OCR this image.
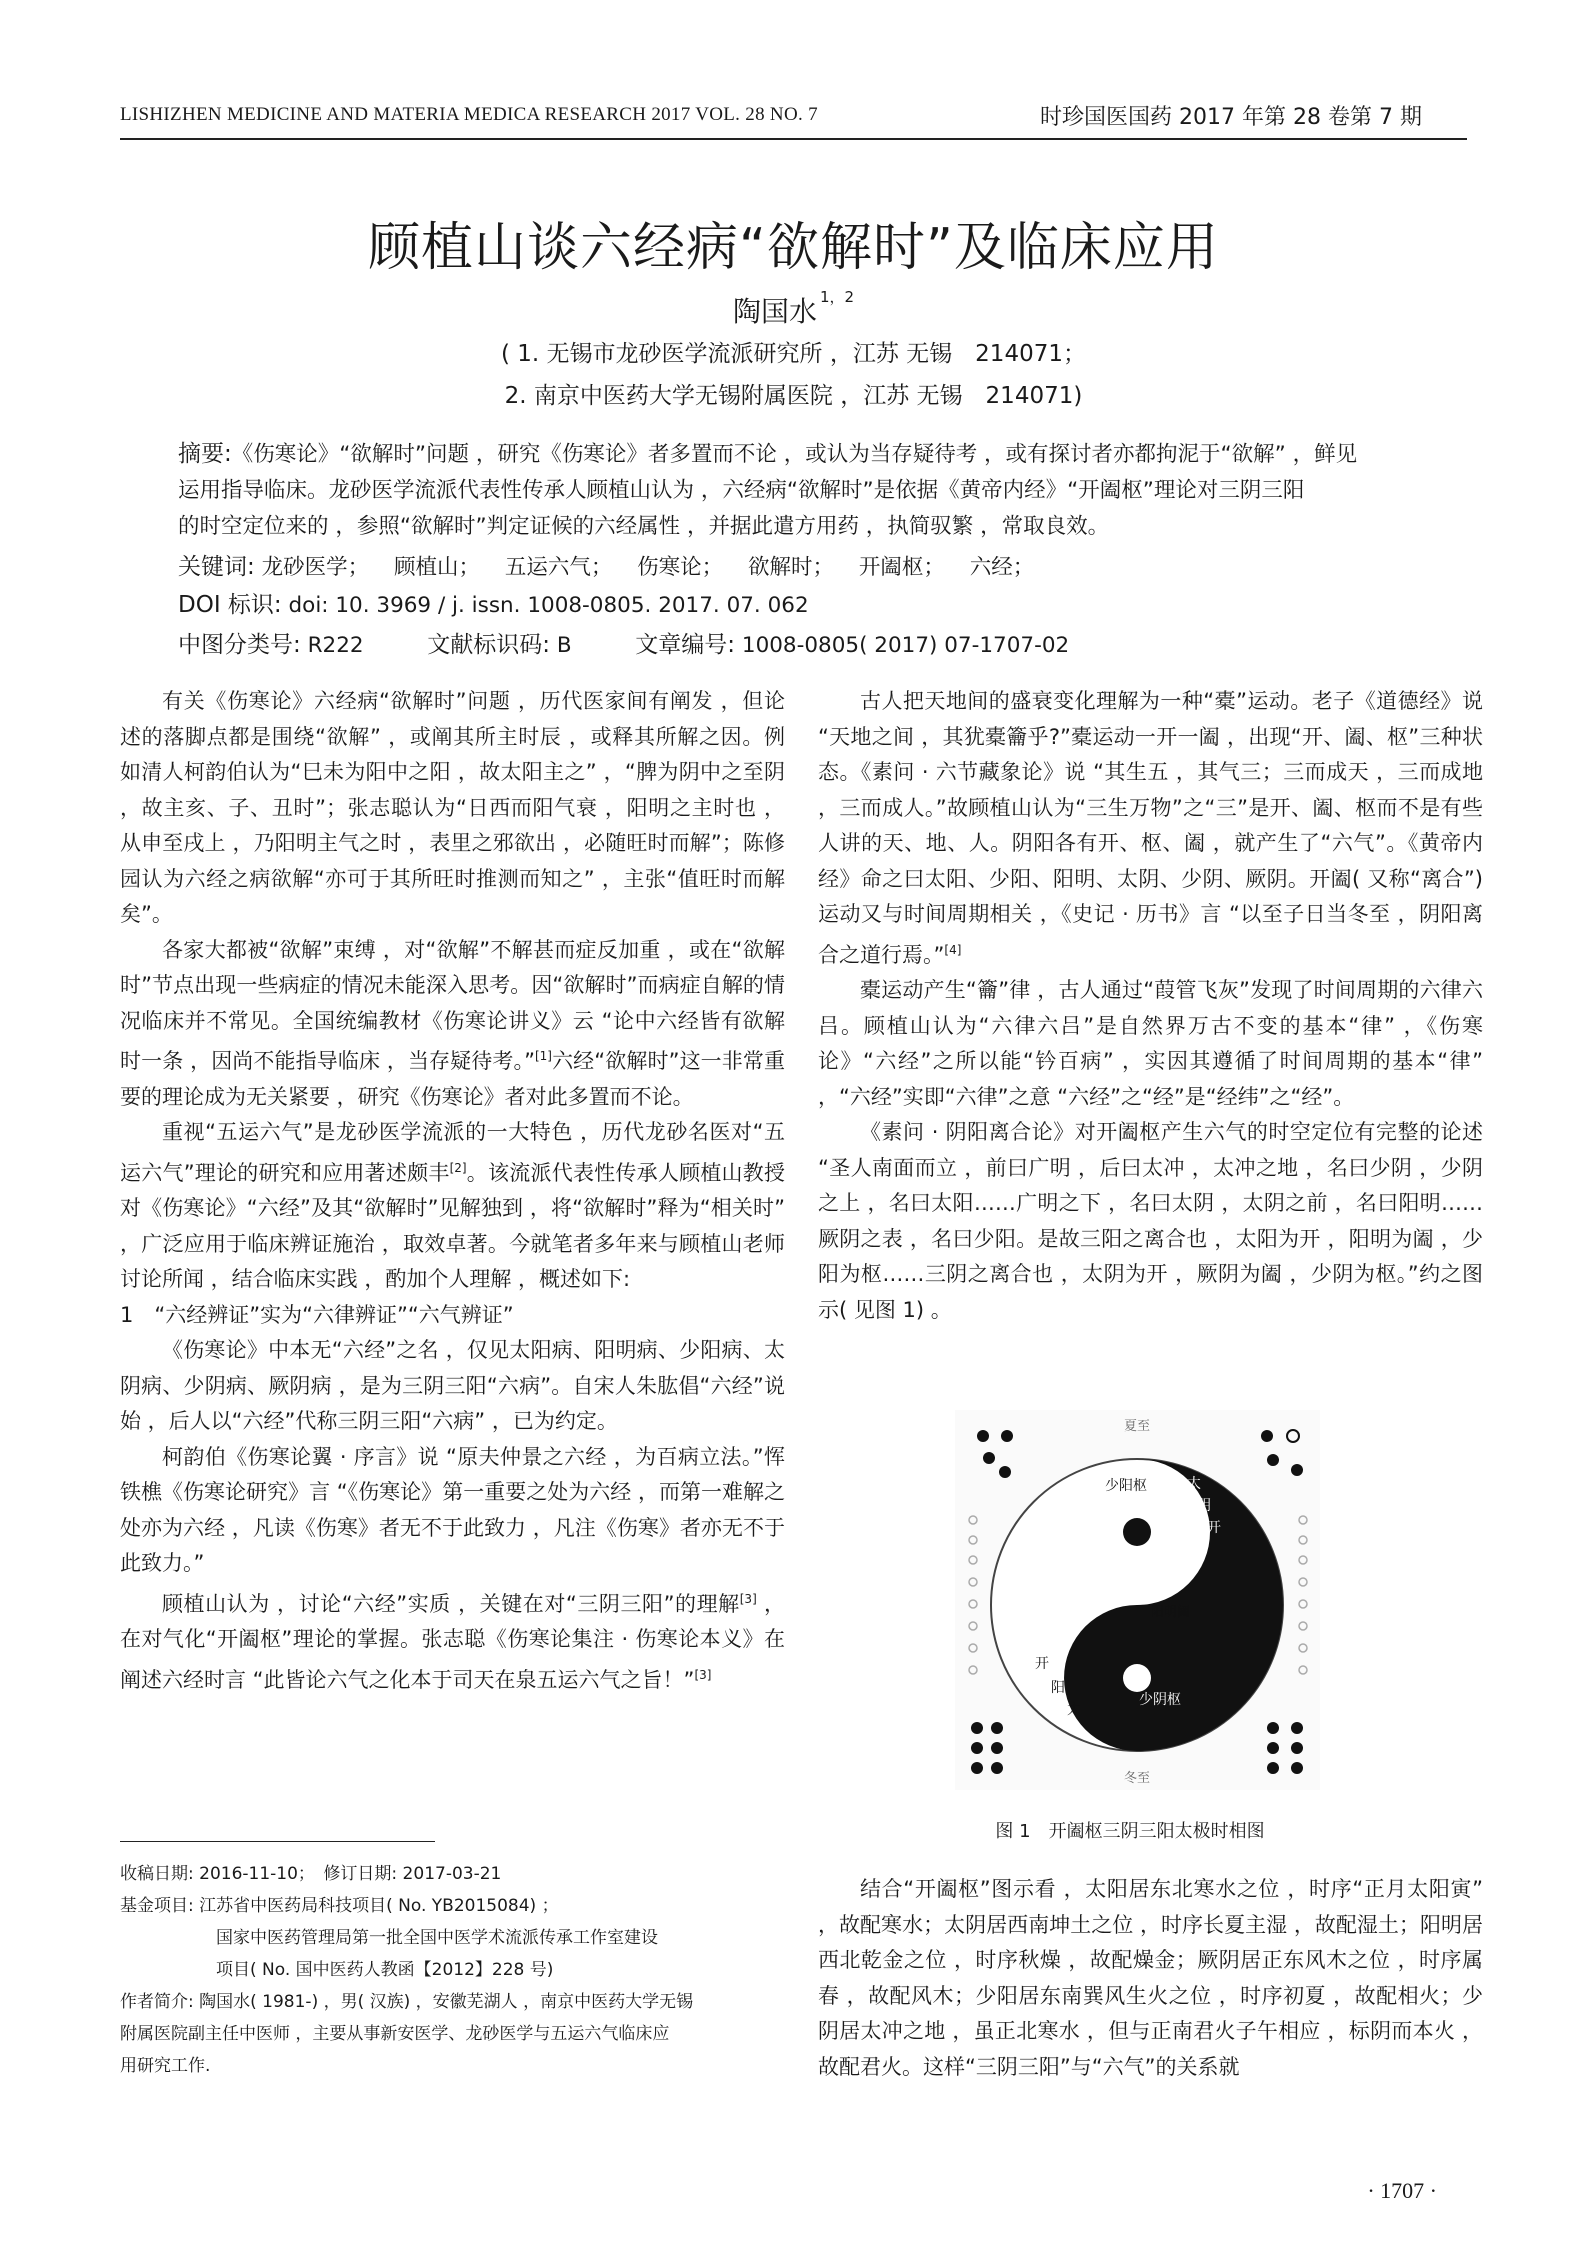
LISHIZHEN MEDICINE AND MATERIA MEDICA RESEARCH 2017 VOL. 28 NO. 7	时珍国医国药 2017 年第 28 卷第 7 期
顾植山谈六经病“欲解时”及临床应用
陶国水 $^{1,2}$
( 1. 无锡市龙砂医学流派研究所 ，江苏 无锡　214071；
2. 南京中医药大学无锡附属医院 ，江苏 无锡　214071)
摘要:《伤寒论》“欲解时”问题 ，研究《伤寒论》者多置而不论 ，或认为当存疑待考 ，或有探讨者亦都拘泥于“欲解” ，鲜见
运用指导临床。龙砂医学流派代表性传承人顾植山认为 ，六经病“欲解时”是依据《黄帝内经》“开阖枢”理论对三阴三阳
的时空定位来的 ，参照“欲解时”判定证候的六经属性 ，并据此遣方用药 ，执简驭繁 ，常取良效。
关键词: 龙砂医学； 顾植山； 五运六气； 伤寒论； 欲解时； 开阖枢； 六经；
DOI 标识: doi: 10. 3969 / j. issn. 1008-0805. 2017. 07. 062
中图分类号: R222	文献标识码: B	文章编号: 1008-0805( 2017) 07-1707-02

有关《伤寒论》六经病“欲解时”问题 ，历代医家间有阐发 ，但论述的落脚点都是围绕“欲解” ，或阐其所主时辰 ，或释其所解之因。例如清人柯韵伯认为“巳未为阳中之阳 ，故太阳主之” ，“脾为阴中之至阴 ，故主亥、子、丑时”；张志聪认为“日西而阳气衰 ，阳明之主时也 ，从申至戌上 ，乃阳明主气之时 ，表里之邪欲出 ，必随旺时而解”；陈修园认为六经之病欲解“亦可于其所旺时推测而知之” ，主张“值旺时而解矣”。

各家大都被“欲解”束缚 ，对“欲解”不解甚而症反加重 ，或在“欲解时”节点出现一些病症的情况未能深入思考。因“欲解时”而病症自解的情况临床并不常见。全国统编教材《伤寒论讲义》云 “论中六经皆有欲解时一条 ，因尚不能指导临床 ，当存疑待考。”[1]六经“欲解时”这一非常重要的理论成为无关紧要 ，研究《伤寒论》者对此多置而不论。

重视“五运六气”是龙砂医学流派的一大特色 ，历代龙砂名医对“五运六气”理论的研究和应用著述颇丰[2]。该流派代表性传承人顾植山教授对《伤寒论》“六经”及其“欲解时”见解独到 ，将“欲解时”释为“相关时” ，广泛应用于临床辨证施治 ，取效卓著。今就笔者多年来与顾植山老师讨论所闻 ，结合临床实践 ，酌加个人理解 ，概述如下:

1　“六经辨证”实为“六律辨证”“六气辨证”

《伤寒论》中本无“六经”之名 ，仅见太阳病、阳明病、少阳病、太阴病、少阴病、厥阴病 ，是为三阴三阳“六病”。自宋人朱肱倡“六经”说始 ，后人以“六经”代称三阴三阳“六病” ，已为约定。

柯韵伯《伤寒论翼 · 序言》说 “原夫仲景之六经 ，为百病立法。”恽铁樵《伤寒论研究》言 “《伤寒论》第一重要之处为六经 ，而第一难解之处亦为六经 ，凡读《伤寒》者无不于此致力 ，凡注《伤寒》者亦无不于此致力。”

顾植山认为 ，讨论“六经”实质 ，关键在对“三阴三阳”的理解[3] ，在对气化“开阖枢”理论的掌握。张志聪《伤寒论集注 · 伤寒论本义》在阐述六经时言 “此皆论六气之化本于司天在泉五运六气之旨！”[3]

古人把天地间的盛衰变化理解为一种“橐”运动。老子《道德经》说 “天地之间 ，其犹橐籥乎?”橐运动一开一阖 ，出现“开、阖、枢”三种状态。《素问 · 六节藏象论》说 “其生五 ，其气三；三而成天 ，三而成地 ，三而成人。”故顾植山认为“三生万物”之“三”是开、阖、枢而不是有些人讲的天、地、人。阴阳各有开、枢、阖 ，就产生了“六气”。《黄帝内经》命之曰太阳、少阳、阳明、太阴、少阴、厥阴。开阖( 又称“离合”) 运动又与时间周期相关 ，《史记 · 历书》言 “以至子日当冬至 ，阴阳离合之道行焉。”[4]

橐运动产生“籥”律 ，古人通过“葭管飞灰”发现了时间周期的六律六吕。顾植山认为“六律六吕”是自然界万古不变的基本“律” ，《伤寒论》“六经”之所以能“钤百病” ，实因其遵循了时间周期的基本“律” ，“六经”实即“六律”之意 “六经”之“经”是“经纬”之“经”。

《素问 · 阴阳离合论》对开阖枢产生六气的时空定位有完整的论述 “圣人南面而立 ，前曰广明 ，后曰太冲 ，太冲之地 ，名曰少阴 ，少阴之上 ，名曰太阳……广明之下 ，名曰太阴 ，太阴之前 ，名曰阳明……厥阴之表 ，名曰少阳。是故三阳之离合也 ，太阳为开 ，阳明为阖 ，少阳为枢……三阴之离合也 ，太阴为开 ，厥阴为阖 ，少阴为枢。”约之图示( 见图 1) 。

夏至
冬至
少阳枢	太
阴
开
厥阴阖	阳明阖
开
阳
太
少阴枢
图 1　开阖枢三阴三阳太极时相图

结合“开阖枢”图示看 ，太阳居东北寒水之位 ，时序“正月太阳寅” ，故配寒水；太阴居西南坤土之位 ，时序长夏主湿 ，故配湿土；阳明居西北乾金之位 ，时序秋燥 ，故配燥金；厥阴居正东风木之位 ，时序属春 ，故配风木；少阳居东南巽风生火之位 ，时序初夏 ，故配相火；少阴居太冲之地 ，虽正北寒水 ，但与正南君火子午相应 ，标阴而本火 ，故配君火。这样“三阴三阳”与“六气”的关系就

收稿日期: 2016-11-10；　修订日期: 2017-03-21

基金项目: 江苏省中医药局科技项目( No. YB2015084) ；

国家中医药管理局第一批全国中医学术流派传承工作室建设

项目( No. 国中医药人教函【2012】228 号)

作者简介: 陶国水( 1981-) ，男( 汉族) ，安徽芜湖人 ，南京中医药大学无锡

附属医院副主任中医师 ，主要从事新安医学、龙砂医学与五运六气临床应

用研究工作.

· 1707 ·
